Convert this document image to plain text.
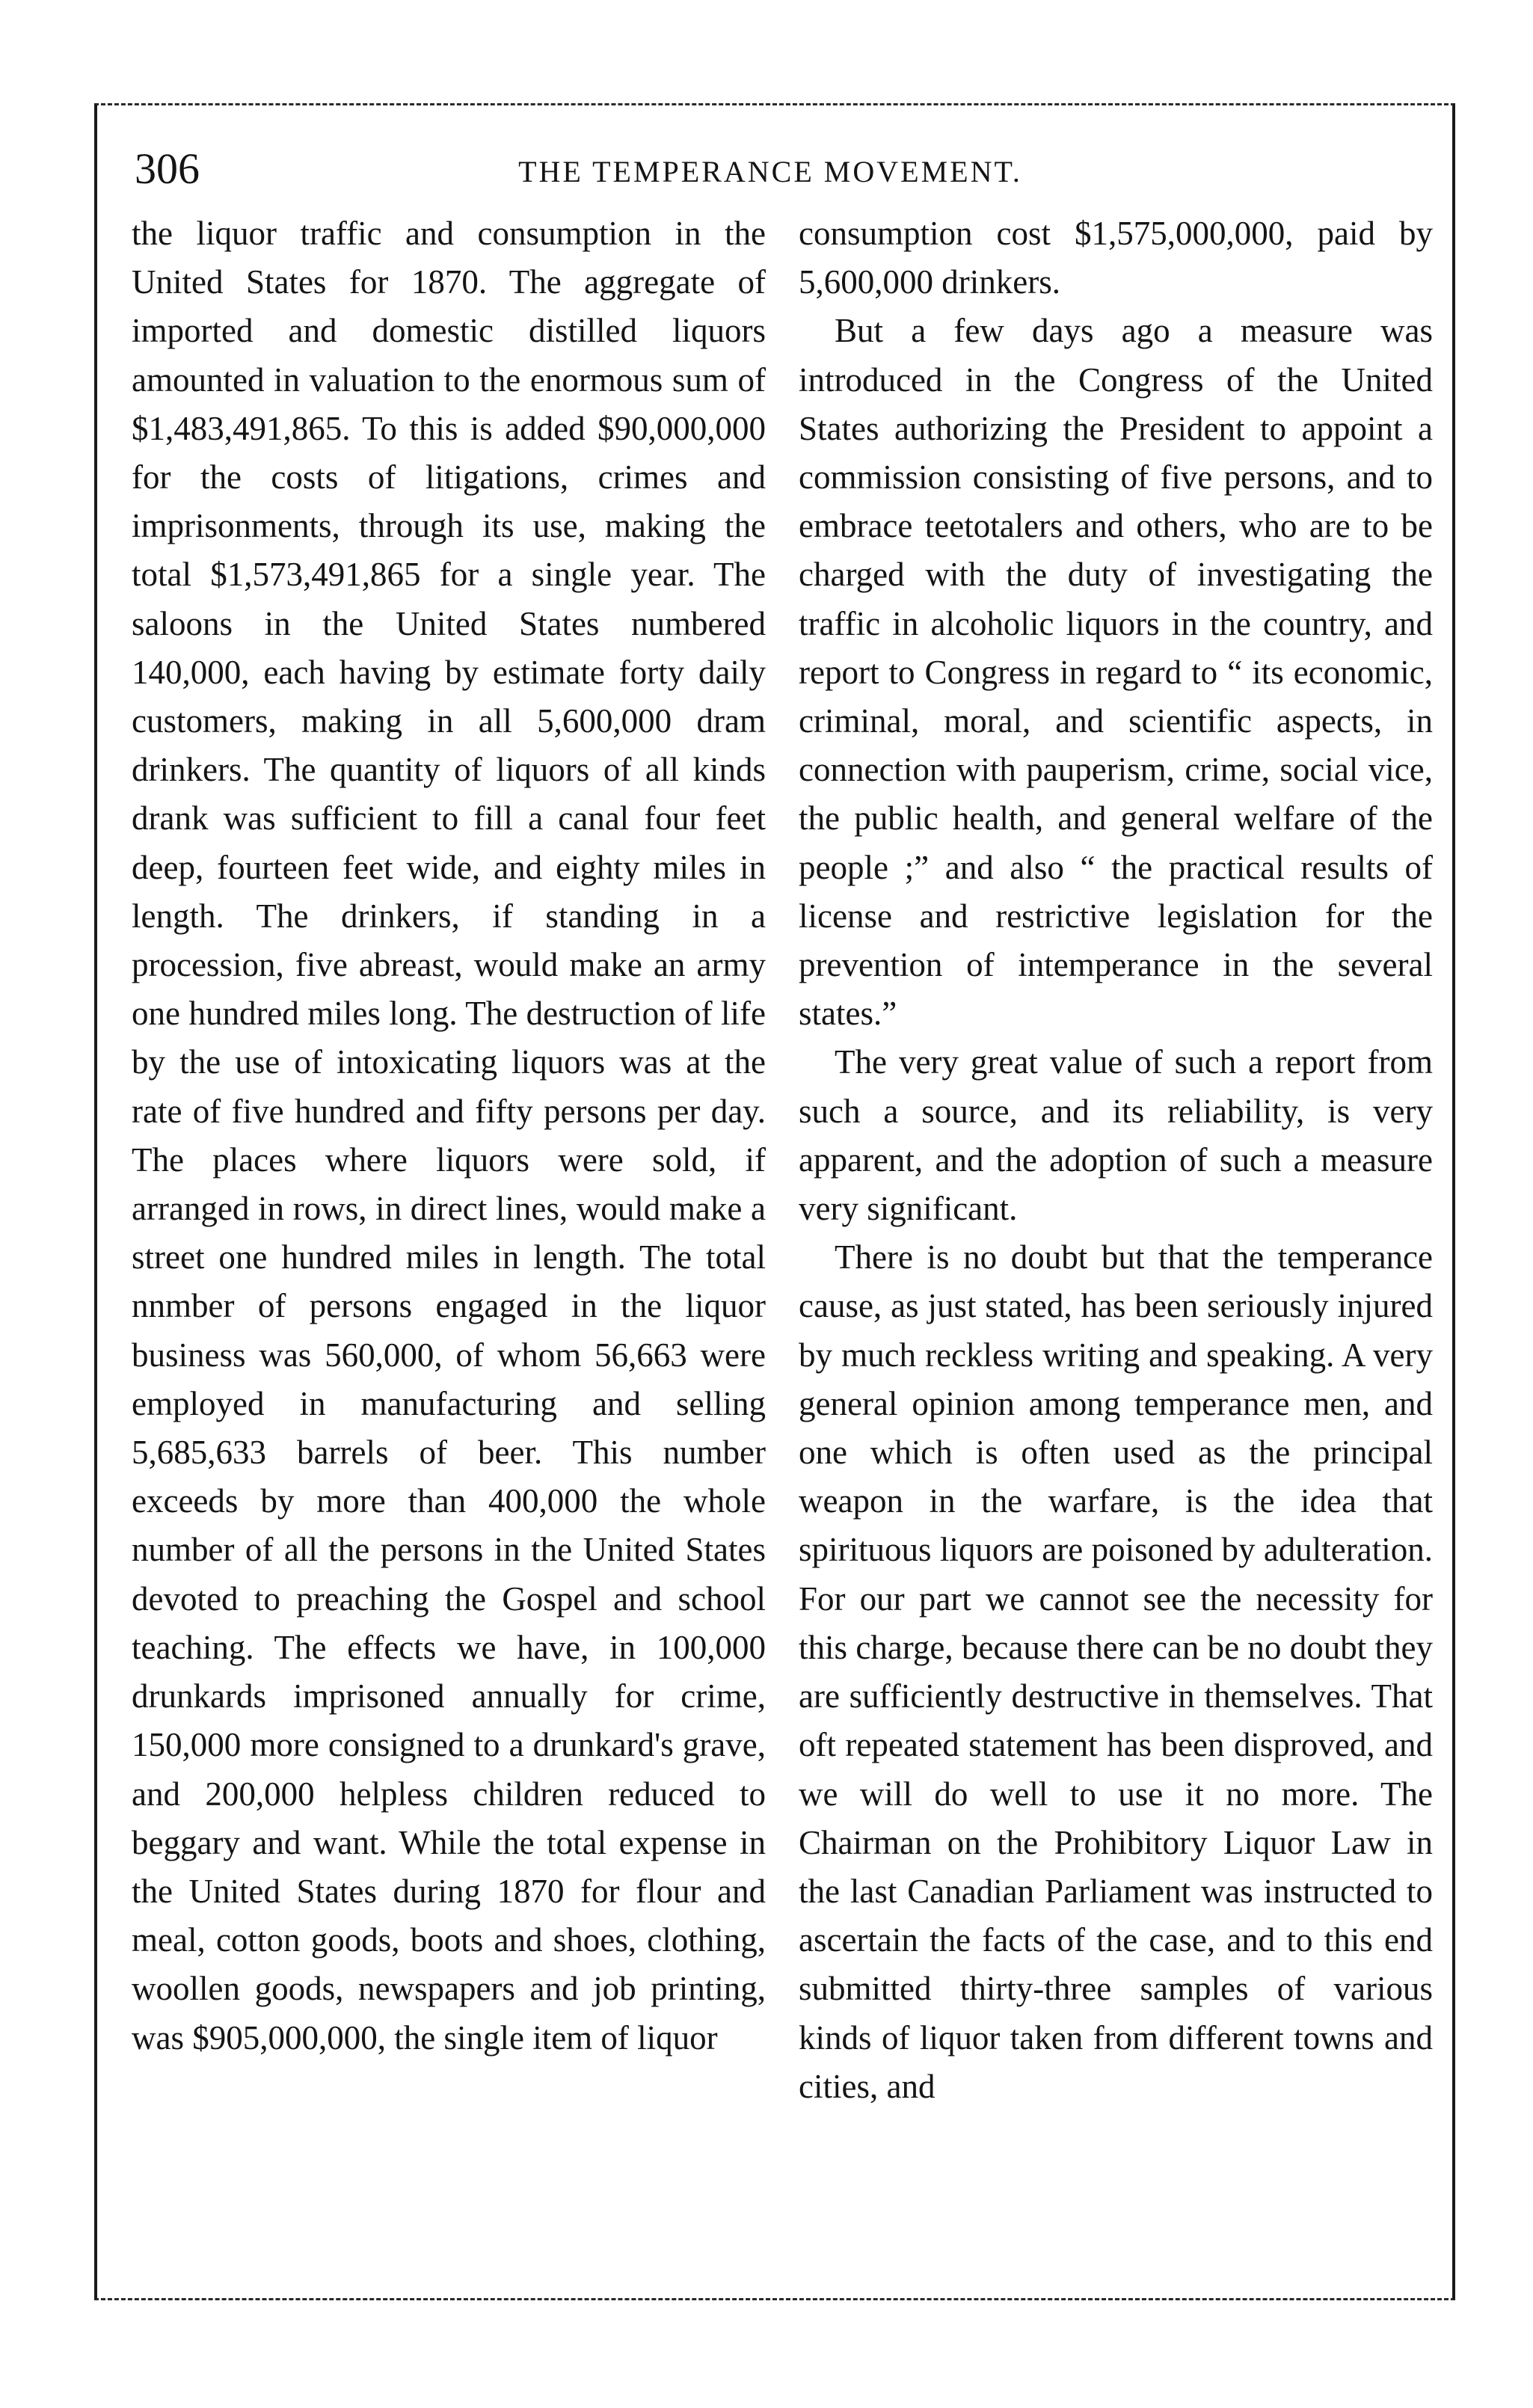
306	THE TEMPERANCE MOVEMENT.

the liquor traffic and consumption in the United States for 1870. The aggregate of imported and domestic distilled liquors amounted in valuation to the enormous sum of $1,483,491,865. To this is added $90,000,000 for the costs of litigations, crimes and imprisonments, through its use, making the total $1,573,491,865 for a single year. The saloons in the United States numbered 140,000, each having by estimate forty daily customers, making in all 5,600,000 dram drinkers. The quantity of liquors of all kinds drank was sufficient to fill a canal four feet deep, fourteen feet wide, and eighty miles in length. The drinkers, if standing in a procession, five abreast, would make an army one hundred miles long. The destruction of life by the use of intoxicating liquors was at the rate of five hundred and fifty persons per day. The places where liquors were sold, if arranged in rows, in direct lines, would make a street one hundred miles in length. The total nnmber of persons engaged in the liquor business was 560,000, of whom 56,663 were employed in manufacturing and selling 5,685,633 barrels of beer. This number exceeds by more than 400,000 the whole number of all the persons in the United States devoted to preaching the Gospel and school teaching. The effects we have, in 100,000 drunkards imprisoned annually for crime, 150,000 more consigned to a drunkard's grave, and 200,000 helpless children reduced to beggary and want. While the total expense in the United States during 1870 for flour and meal, cotton goods, boots and shoes, clothing, woollen goods, newspapers and job printing, was $905,000,000, the single item of liquor

consumption cost $1,575,000,000, paid by 5,600,000 drinkers.

But a few days ago a measure was introduced in the Congress of the United States authorizing the President to appoint a commission consisting of five persons, and to embrace teetotalers and others, who are to be charged with the duty of investigating the traffic in alcoholic liquors in the country, and report to Congress in regard to “ its economic, criminal, moral, and scientific aspects, in connection with pauperism, crime, social vice, the public health, and general welfare of the people ;” and also “ the practical results of license and restrictive legislation for the prevention of intemperance in the several states.”

The very great value of such a report from such a source, and its reliability, is very apparent, and the adoption of such a measure very significant.

There is no doubt but that the temperance cause, as just stated, has been seriously injured by much reckless writing and speaking. A very general opinion among temperance men, and one which is often used as the principal weapon in the warfare, is the idea that spirituous liquors are poisoned by adulteration. For our part we cannot see the necessity for this charge, because there can be no doubt they are sufficiently destructive in themselves. That oft repeated statement has been disproved, and we will do well to use it no more. The Chairman on the Prohibitory Liquor Law in the last Canadian Parliament was instructed to ascertain the facts of the case, and to this end submitted thirty-three samples of various kinds of liquor taken from different towns and cities, and
